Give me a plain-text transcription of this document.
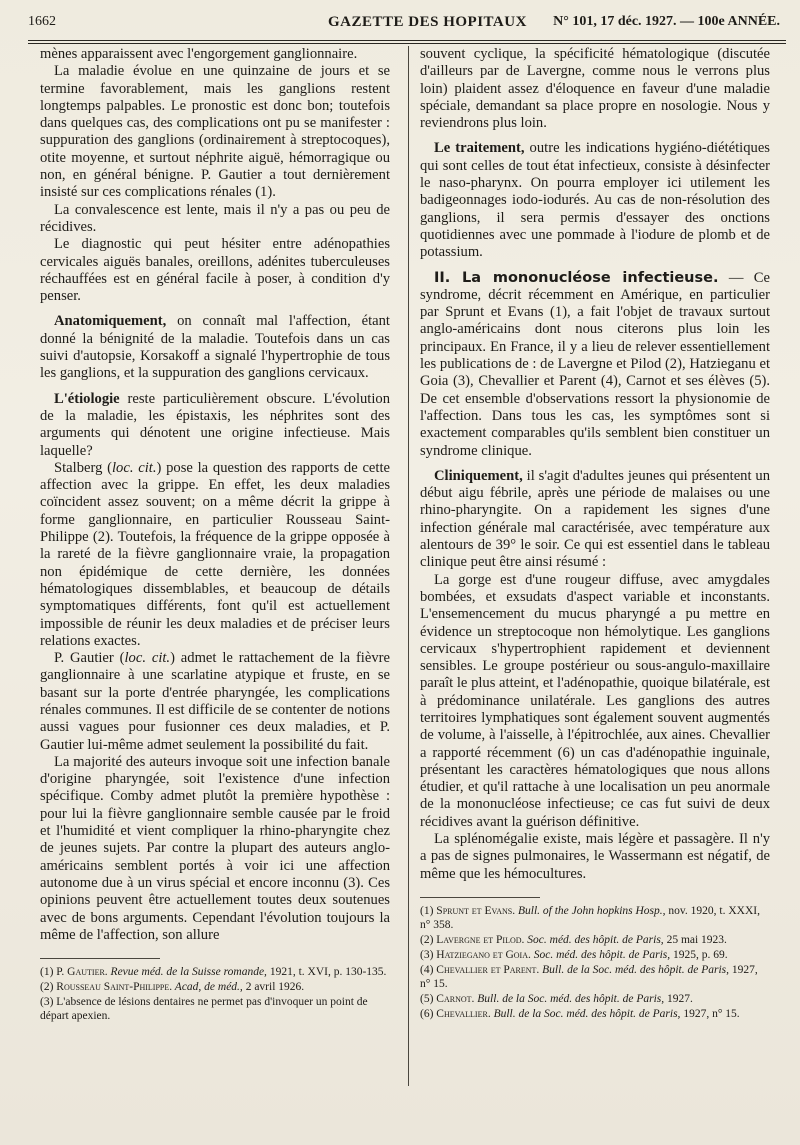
1662	GAZETTE DES HOPITAUX N° 101, 17 déc. 1927. — 100e ANNÉE.

mènes apparaissent avec l'engorgement ganglionnaire.

La maladie évolue en une quinzaine de jours et se termine favorablement, mais les ganglions restent longtemps palpables. Le pronostic est donc bon; toutefois dans quelques cas, des complications ont pu se manifester : suppuration des ganglions (ordinairement à streptocoques), otite moyenne, et surtout néphrite aiguë, hémorragique ou non, en général bénigne. P. Gautier a tout dernièrement insisté sur ces complications rénales (1).

La convalescence est lente, mais il n'y a pas ou peu de récidives.

Le diagnostic qui peut hésiter entre adénopathies cervicales aiguës banales, oreillons, adénites tuberculeuses réchauffées est en général facile à poser, à condition d'y penser.

Anatomiquement, on connaît mal l'affection, étant donné la bénignité de la maladie. Toutefois dans un cas suivi d'autopsie, Korsakoff a signalé l'hypertrophie de tous les ganglions, et la suppuration des ganglions cervicaux.

L'étiologie reste particulièrement obscure. L'évolution de la maladie, les épistaxis, les néphrites sont des arguments qui dénotent une origine infectieuse. Mais laquelle?

Stalberg (loc. cit.) pose la question des rapports de cette affection avec la grippe. En effet, les deux maladies coïncident assez souvent; on a même décrit la grippe à forme ganglionnaire, en particulier Rousseau Saint-Philippe (2). Toutefois, la fréquence de la grippe opposée à la rareté de la fièvre ganglionnaire vraie, la propagation non épidémique de cette dernière, les données hématologiques dissemblables, et beaucoup de détails symptomatiques différents, font qu'il est actuellement impossible de réunir les deux maladies et de préciser leurs relations exactes.

P. Gautier (loc. cit.) admet le rattachement de la fièvre ganglionnaire à une scarlatine atypique et fruste, en se basant sur la porte d'entrée pharyngée, les complications rénales communes. Il est difficile de se contenter de notions aussi vagues pour fusionner ces deux maladies, et P. Gautier lui-même admet seulement la possibilité du fait.

La majorité des auteurs invoque soit une infection banale d'origine pharyngée, soit l'existence d'une infection spécifique. Comby admet plutôt la première hypothèse : pour lui la fièvre ganglionnaire semble causée par le froid et l'humidité et vient compliquer la rhino-pharyngite chez de jeunes sujets. Par contre la plupart des auteurs anglo-américains semblent portés à voir ici une affection autonome due à un virus spécial et encore inconnu (3). Ces opinions peuvent être actuellement toutes deux soutenues avec de bons arguments. Cependant l'évolution toujours la même de l'affection, son allure

(1) P. Gautier. Revue méd. de la Suisse romande, 1921, t. XVI, p. 130-135.

(2) Rousseau Saint-Philippe. Acad, de méd., 2 avril 1926.

(3) L'absence de lésions dentaires ne permet pas d'invoquer un point de départ apexien.

souvent cyclique, la spécificité hématologique (discutée d'ailleurs par de Lavergne, comme nous le verrons plus loin) plaident assez d'éloquence en faveur d'une maladie spéciale, demandant sa place propre en nosologie. Nous y reviendrons plus loin.

Le traitement, outre les indications hygiéno-diététiques qui sont celles de tout état infectieux, consiste à désinfecter le naso-pharynx. On pourra employer ici utilement les badigeonnages iodo-iodurés. Au cas de non-résolution des ganglions, il sera permis d'essayer des onctions quotidiennes avec une pommade à l'iodure de plomb et de potassium.

II. La mononucléose infectieuse. — Ce syndrome, décrit récemment en Amérique, en particulier par Sprunt et Evans (1), a fait l'objet de travaux surtout anglo-américains dont nous citerons plus loin les principaux. En France, il y a lieu de relever essentiellement les publications de : de Lavergne et Pilod (2), Hatzieganu et Goia (3), Chevallier et Parent (4), Carnot et ses élèves (5). De cet ensemble d'observations ressort la physionomie de l'affection. Dans tous les cas, les symptômes sont si exactement comparables qu'ils semblent bien constituer un syndrome clinique.

Cliniquement, il s'agit d'adultes jeunes qui présentent un début aigu fébrile, après une période de malaises ou une rhino-pharyngite. On a rapidement les signes d'une infection générale mal caractérisée, avec température aux alentours de 39° le soir. Ce qui est essentiel dans le tableau clinique peut être ainsi résumé :

La gorge est d'une rougeur diffuse, avec amygdales bombées, et exsudats d'aspect variable et inconstants. L'ensemencement du mucus pharyngé a pu mettre en évidence un streptocoque non hémolytique. Les ganglions cervicaux s'hypertrophient rapidement et deviennent sensibles. Le groupe postérieur ou sous-angulo-maxillaire paraît le plus atteint, et l'adénopathie, quoique bilatérale, est à prédominance unilatérale. Les ganglions des autres territoires lymphatiques sont également souvent augmentés de volume, à l'aisselle, à l'épitrochlée, aux aines. Chevallier a rapporté récemment (6) un cas d'adénopathie inguinale, présentant les caractères hématologiques que nous allons étudier, et qu'il rattache à une localisation un peu anormale de la mononucléose infectieuse; ce cas fut suivi de deux récidives avant la guérison définitive.

La splénomégalie existe, mais légère et passagère. Il n'y a pas de signes pulmonaires, le Wassermann est négatif, de même que les hémocultures.

(1) Sprunt et Evans. Bull. of the John hopkins Hosp., nov. 1920, t. XXXI, n° 358.

(2) Lavergne et Pilod. Soc. méd. des hôpit. de Paris, 25 mai 1923.

(3) Hatziegano et Goia. Soc. méd. des hôpit. de Paris, 1925, p. 69.

(4) Chevallier et Parent. Bull. de la Soc. méd. des hôpit. de Paris, 1927, n° 15.

(5) Carnot. Bull. de la Soc. méd. des hôpit. de Paris, 1927.

(6) Chevallier. Bull. de la Soc. méd. des hôpit. de Paris, 1927, n° 15.
